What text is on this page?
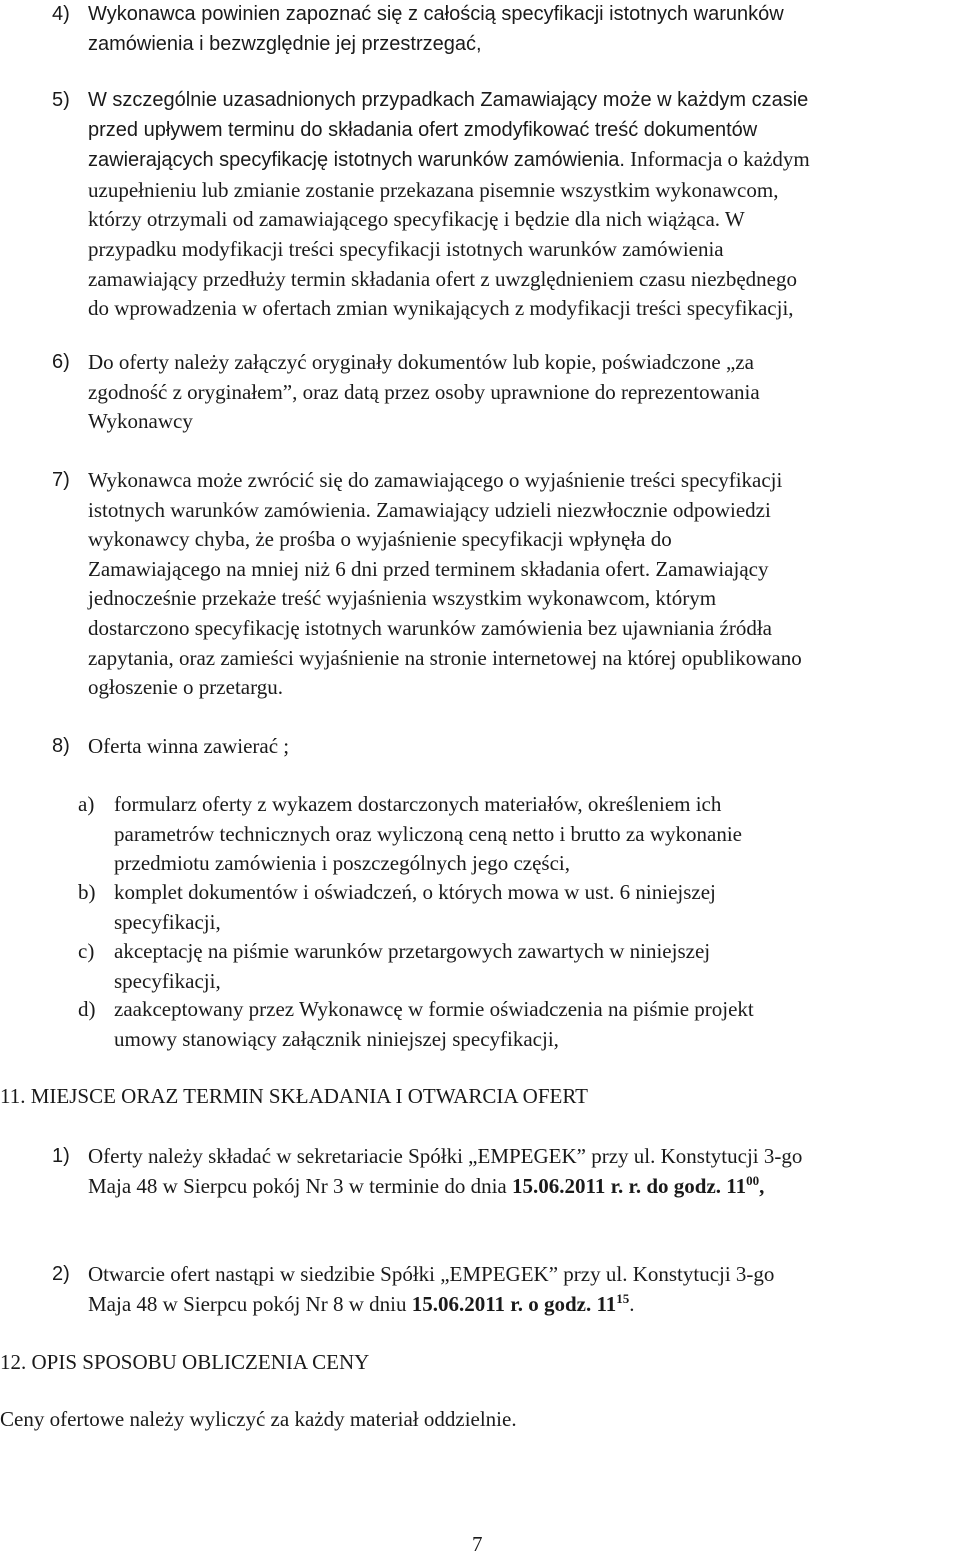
4) Wykonawca powinien zapoznać się z całością specyfikacji istotnych warunków
zamówienia i bezwzględnie jej przestrzegać,
5) W szczególnie uzasadnionych przypadkach Zamawiający może w każdym czasie
przed upływem terminu do składania ofert zmodyfikować treść dokumentów
zawierających specyfikację istotnych warunków zamówienia. Informacja o każdym
uzupełnieniu lub zmianie zostanie przekazana pisemnie wszystkim wykonawcom,
którzy otrzymali od zamawiającego specyfikację i będzie dla nich wiążąca. W
przypadku modyfikacji treści specyfikacji istotnych warunków zamówienia
zamawiający przedłuży termin składania ofert z uwzględnieniem czasu niezbędnego
do wprowadzenia w ofertach zmian wynikających z modyfikacji treści specyfikacji,
6) Do oferty należy załączyć oryginały dokumentów lub kopie, poświadczone „za
zgodność z oryginałem”, oraz datą przez osoby uprawnione do reprezentowania
Wykonawcy
7) Wykonawca może zwrócić się do zamawiającego o wyjaśnienie treści specyfikacji
istotnych warunków zamówienia. Zamawiający udzieli niezwłocznie odpowiedzi
wykonawcy chyba, że prośba o wyjaśnienie specyfikacji wpłynęła do
Zamawiającego na mniej niż 6 dni przed terminem składania ofert. Zamawiający
jednocześnie przekaże treść wyjaśnienia wszystkim wykonawcom, którym
dostarczono specyfikację istotnych warunków zamówienia bez ujawniania źródła
zapytania, oraz zamieści wyjaśnienie na stronie internetowej na której opublikowano
ogłoszenie o przetargu.
8) Oferta winna zawierać ;
a) formularz oferty z wykazem dostarczonych materiałów, określeniem ich
parametrów technicznych oraz wyliczoną ceną netto i brutto za wykonanie
przedmiotu zamówienia i poszczególnych jego części,
b) komplet dokumentów i oświadczeń, o których mowa w ust. 6 niniejszej
specyfikacji,
c) akceptację na piśmie warunków przetargowych zawartych w niniejszej
specyfikacji,
d) zaakceptowany przez Wykonawcę w formie oświadczenia na piśmie projekt
umowy stanowiący załącznik niniejszej specyfikacji,
11. MIEJSCE ORAZ TERMIN SKŁADANIA I OTWARCIA OFERT
1) Oferty należy składać w sekretariacie Spółki „EMPEGEK” przy ul. Konstytucji 3-go
Maja 48 w Sierpcu pokój Nr 3 w terminie do dnia 15.06.2011 r. r. do godz. $11^{00}$,
2) Otwarcie ofert nastąpi w siedzibie Spółki „EMPEGEK” przy ul. Konstytucji 3-go
Maja 48 w Sierpcu pokój Nr 8 w dniu 15.06.2011 r. o godz. $11^{15}$.
12. OPIS SPOSOBU OBLICZENIA CENY
Ceny ofertowe należy wyliczyć za każdy materiał oddzielnie.
7
